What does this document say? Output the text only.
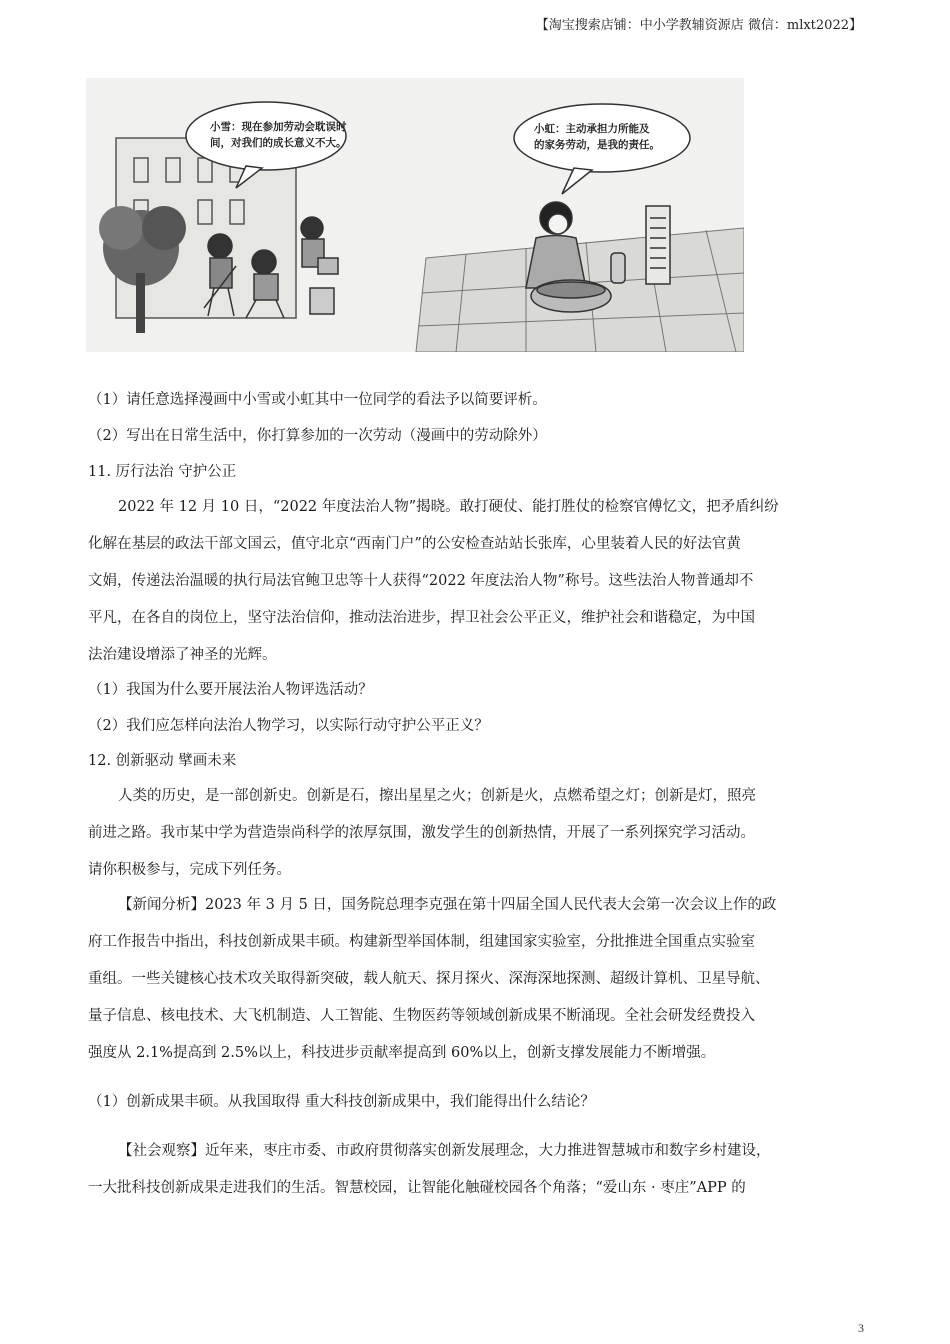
【淘宝搜索店铺：中小学教辅资源店 微信：mlxt2022】
小雪：现在参加劳动会耽误时
间，对我们的成长意义不大。
小虹：主动承担力所能及
的家务劳动，是我的责任。
（1）请任意选择漫画中小雪或小虹其中一位同学的看法予以简要评析。
（2）写出在日常生活中，你打算参加的一次劳动（漫画中的劳动除外）
11. 厉行法治 守护公正
2022 年 12 月 10 日，“2022 年度法治人物”揭晓。敢打硬仗、能打胜仗的检察官傅忆文，把矛盾纠纷
化解在基层的政法干部文国云，值守北京“西南门户”的公安检查站站长张库，心里装着人民的好法官黄
文娟，传递法治温暖的执行局法官鲍卫忠等十人获得“2022 年度法治人物”称号。这些法治人物普通却不
平凡，在各自的岗位上，坚守法治信仰，推动法治进步，捍卫社会公平正义，维护社会和谐稳定，为中国
法治建设增添了神圣的光辉。
（1）我国为什么要开展法治人物评选活动？
（2）我们应怎样向法治人物学习，以实际行动守护公平正义？
12. 创新驱动 擘画未来
人类的历史，是一部创新史。创新是石，擦出星星之火；创新是火，点燃希望之灯；创新是灯，照亮
前进之路。我市某中学为营造崇尚科学的浓厚氛围，激发学生的创新热情，开展了一系列探究学习活动。
请你积极参与，完成下列任务。
【新闻分析】2023 年 3 月 5 日，国务院总理李克强在第十四届全国人民代表大会第一次会议上作的政
府工作报告中指出，科技创新成果丰硕。构建新型举国体制，组建国家实验室，分批推进全国重点实验室
重组。一些关键核心技术攻关取得新突破，载人航天、探月探火、深海深地探测、超级计算机、卫星导航、
量子信息、核电技术、大飞机制造、人工智能、生物医药等领域创新成果不断涌现。全社会研发经费投入
强度从 2.1%提高到 2.5%以上，科技进步贡献率提高到 60%以上，创新支撑发展能力不断增强。
（1）创新成果丰硕。从我国取得 重大科技创新成果中，我们能得出什么结论？
【社会观察】近年来，枣庄市委、市政府贯彻落实创新发展理念，大力推进智慧城市和数字乡村建设，
一大批科技创新成果走进我们的生活。智慧校园，让智能化触碰校园各个角落；“爱山东 · 枣庄”APP 的
3
